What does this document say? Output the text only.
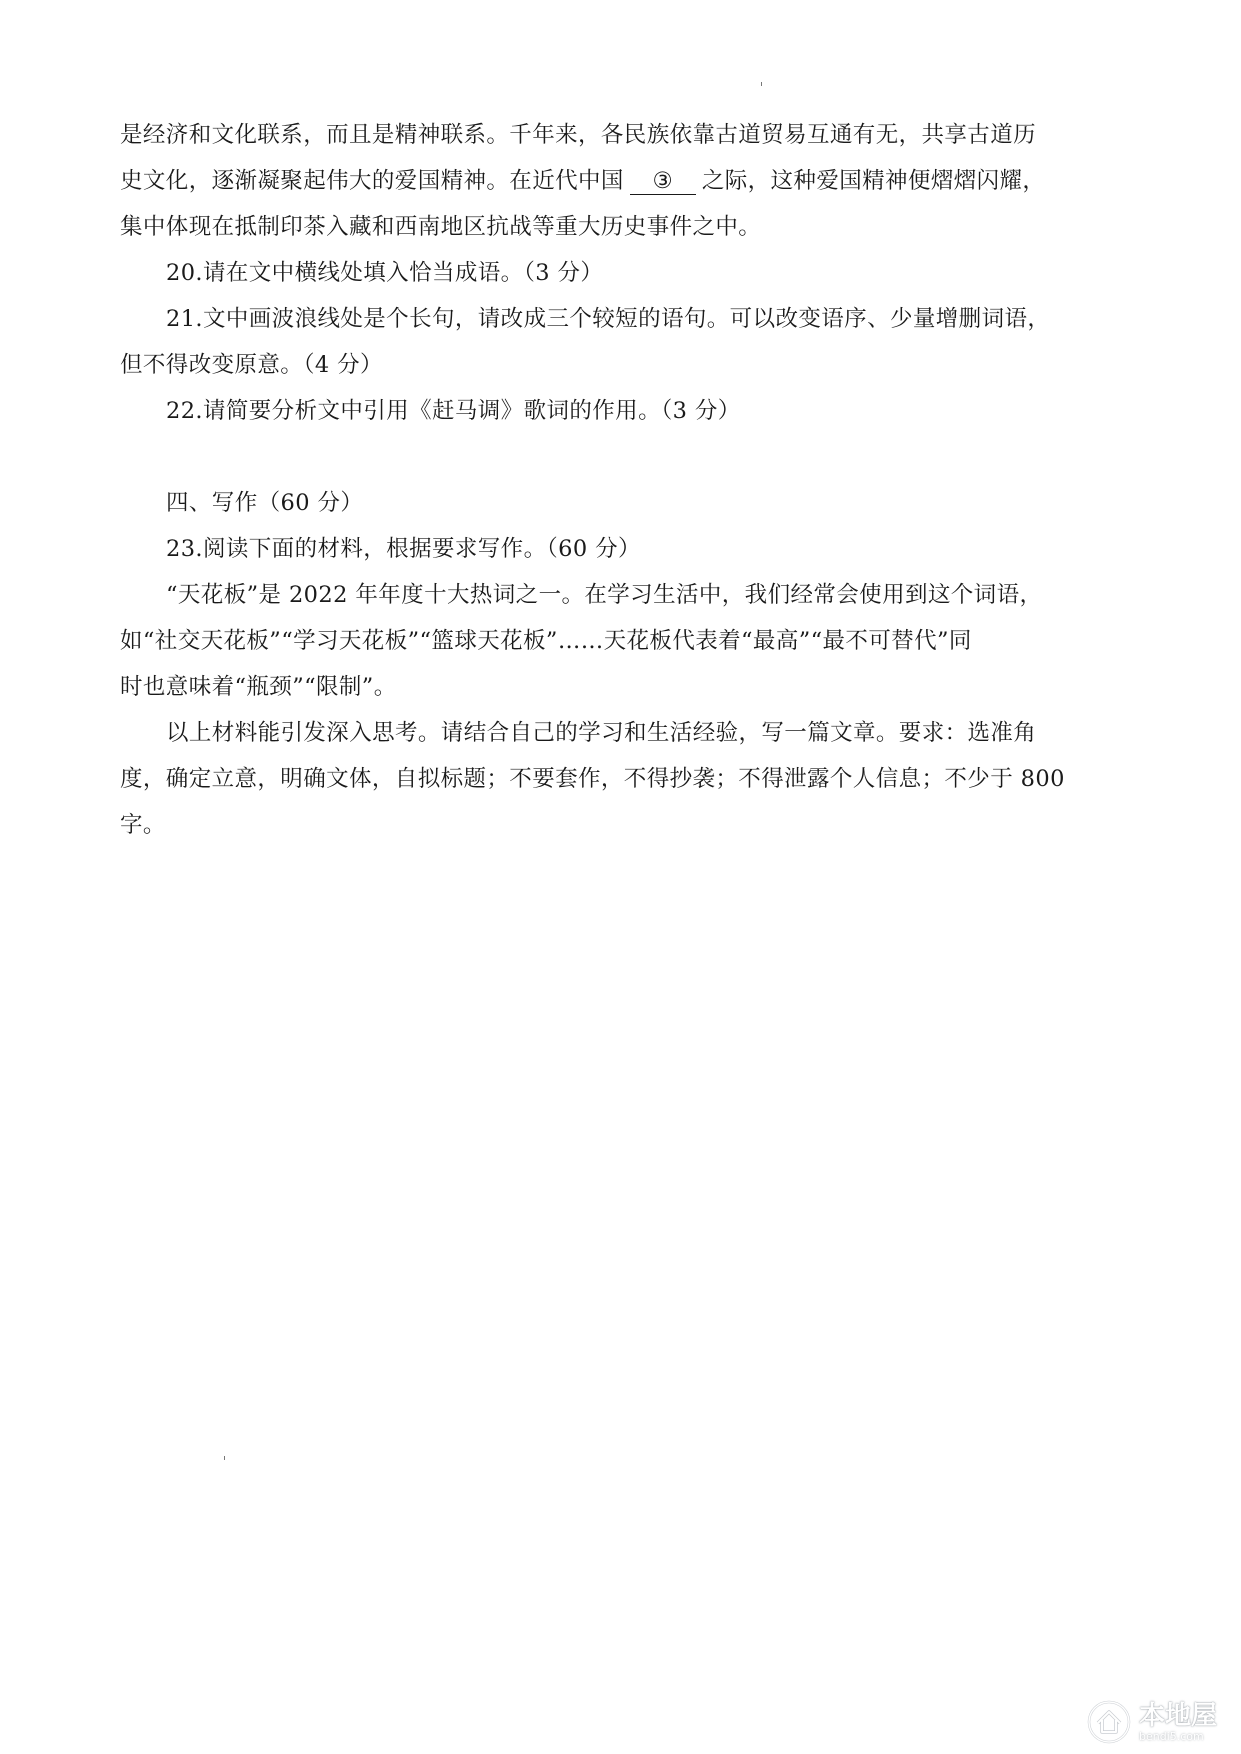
是经济和文化联系，而且是精神联系。千年来，各民族依靠古道贸易互通有无，共享古道历
史文化，逐渐凝聚起伟大的爱国精神。在近代中国 ③ 之际，这种爱国精神便熠熠闪耀，
集中体现在抵制印茶入藏和西南地区抗战等重大历史事件之中。
20.请在文中横线处填入恰当成语。（3 分）
21.文中画波浪线处是个长句，请改成三个较短的语句。可以改变语序、少量增删词语，
但不得改变原意。（4 分）
22.请简要分析文中引用《赶马调》歌词的作用。（3 分）
四、写作（60 分）
23.阅读下面的材料，根据要求写作。（60 分）
“天花板”是 2022 年年度十大热词之一。在学习生活中，我们经常会使用到这个词语，
如“社交天花板”“学习天花板”“篮球天花板”……天花板代表着“最高”“最不可替代”同
时也意味着“瓶颈”“限制”。
以上材料能引发深入思考。请结合自己的学习和生活经验，写一篇文章。要求：选准角
度，确定立意，明确文体，自拟标题；不要套作，不得抄袭；不得泄露个人信息；不少于 800
字。
本地屋
bendi5.com
